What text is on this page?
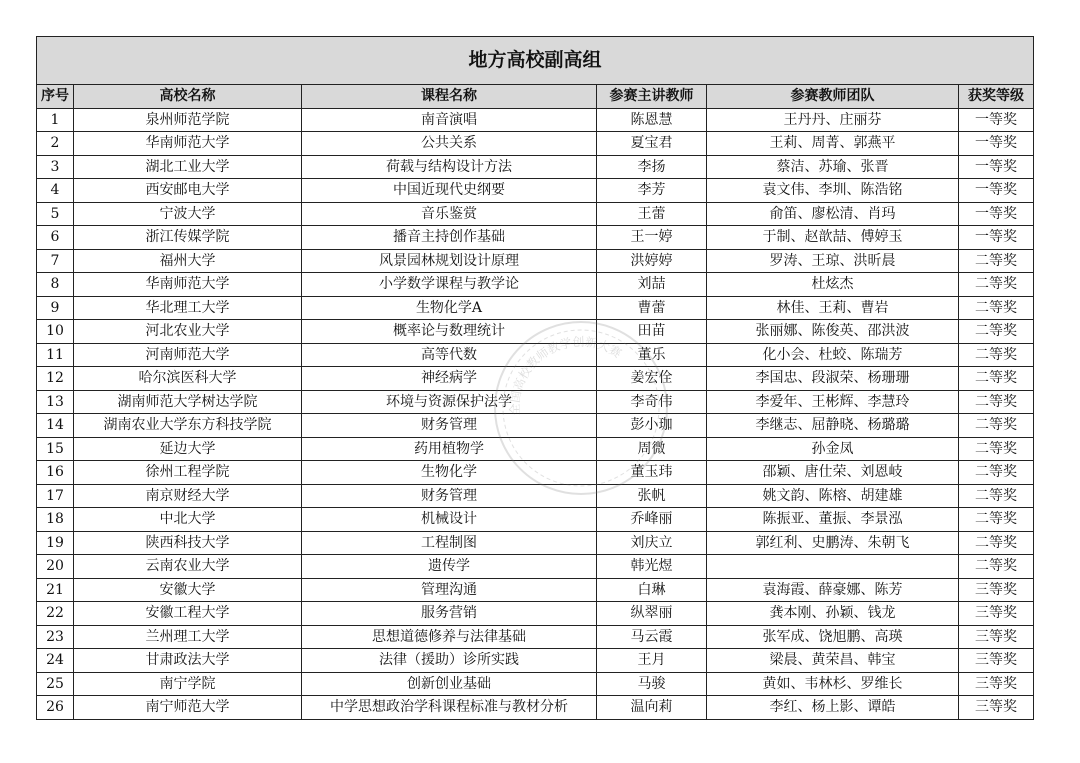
地方高校副高组					
序号	高校名称	课程名称	参赛主讲教师	参赛教师团队	获奖等级
1	泉州师范学院	南音演唱	陈恩慧	王丹丹、庄丽芬	一等奖
2	华南师范大学	公共关系	夏宝君	王莉、周菁、郭燕平	一等奖
3	湖北工业大学	荷载与结构设计方法	李扬	蔡洁、苏瑜、张晋	一等奖
4	西安邮电大学	中国近现代史纲要	李芳	袁文伟、李圳、陈浩铭	一等奖
5	宁波大学	音乐鉴赏	王蕾	俞笛、廖松清、肖玛	一等奖
6	浙江传媒学院	播音主持创作基础	王一婷	于制、赵歆喆、傅婷玉	一等奖
7	福州大学	风景园林规划设计原理	洪婷婷	罗涛、王琼、洪昕晨	二等奖
8	华南师范大学	小学数学课程与教学论	刘喆	杜炫杰	二等奖
9	华北理工大学	生物化学A	曹蕾	林佳、王莉、曹岩	二等奖
10	河北农业大学	概率论与数理统计	田苗	张丽娜、陈俊英、邵洪波	二等奖
11	河南师范大学	高等代数	董乐	化小会、杜蛟、陈瑞芳	二等奖
12	哈尔滨医科大学	神经病学	姜宏佺	李国忠、段淑荣、杨珊珊	二等奖
13	湖南师范大学树达学院	环境与资源保护法学	李奇伟	李爱年、王彬辉、李慧玲	二等奖
14	湖南农业大学东方科技学院	财务管理	彭小珈	李继志、屈静晓、杨璐璐	二等奖
15	延边大学	药用植物学	周微	孙金凤	二等奖
16	徐州工程学院	生物化学	董玉玮	邵颖、唐仕荣、刘恩岐	二等奖
17	南京财经大学	财务管理	张帆	姚文韵、陈榕、胡建雄	二等奖
18	中北大学	机械设计	乔峰丽	陈振亚、董振、李景泓	二等奖
19	陕西科技大学	工程制图	刘庆立	郭红利、史鹏涛、朱朝飞	二等奖
20	云南农业大学	遗传学	韩光煜		二等奖
21	安徽大学	管理沟通	白琳	袁海霞、薛豪娜、陈芳	三等奖
22	安徽工程大学	服务营销	纵翠丽	龚本刚、孙颖、钱龙	三等奖
23	兰州理工大学	思想道德修养与法律基础	马云霞	张军成、饶旭鹏、高瑛	三等奖
24	甘肃政法大学	法律（援助）诊所实践	王月	梁晨、黄荣昌、韩宝	三等奖
25	南宁学院	创新创业基础	马骏	黄如、韦林杉、罗维长	三等奖
26	南宁师范大学	中学思想政治学科课程标准与教材分析	温向莉	李红、杨上影、谭皓	三等奖
全国高校教师教学创新大赛
